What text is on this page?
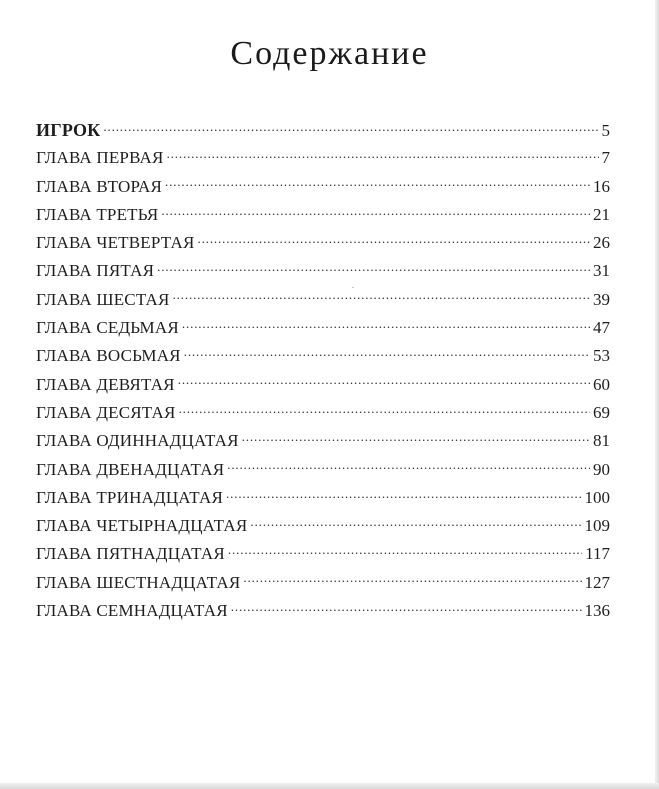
Содержание
ИГРОК . . .	5
ГЛАВА ПЕРВАЯ . . .	7
ГЛАВА ВТОРАЯ . . .	16
ГЛАВА ТРЕТЬЯ . . .	21
ГЛАВА ЧЕТВЕРТАЯ . . .	26
ГЛАВА ПЯТАЯ . . .	31
ГЛАВА ШЕСТАЯ . . .	39
ГЛАВА СЕДЬМАЯ . . .	47
ГЛАВА ВОСЬМАЯ . . .	53
ГЛАВА ДЕВЯТАЯ . . .	60
ГЛАВА ДЕСЯТАЯ . . .	69
ГЛАВА ОДИННАДЦАТАЯ . . .	81
ГЛАВА ДВЕНАДЦАТАЯ . . .	90
ГЛАВА ТРИНАДЦАТАЯ . . .	100
ГЛАВА ЧЕТЫРНАДЦАТАЯ . . .	109
ГЛАВА ПЯТНАДЦАТАЯ . . .	117
ГЛАВА ШЕСТНАДЦАТАЯ . . .	127
ГЛАВА СЕМНАДЦАТАЯ . . .	136
